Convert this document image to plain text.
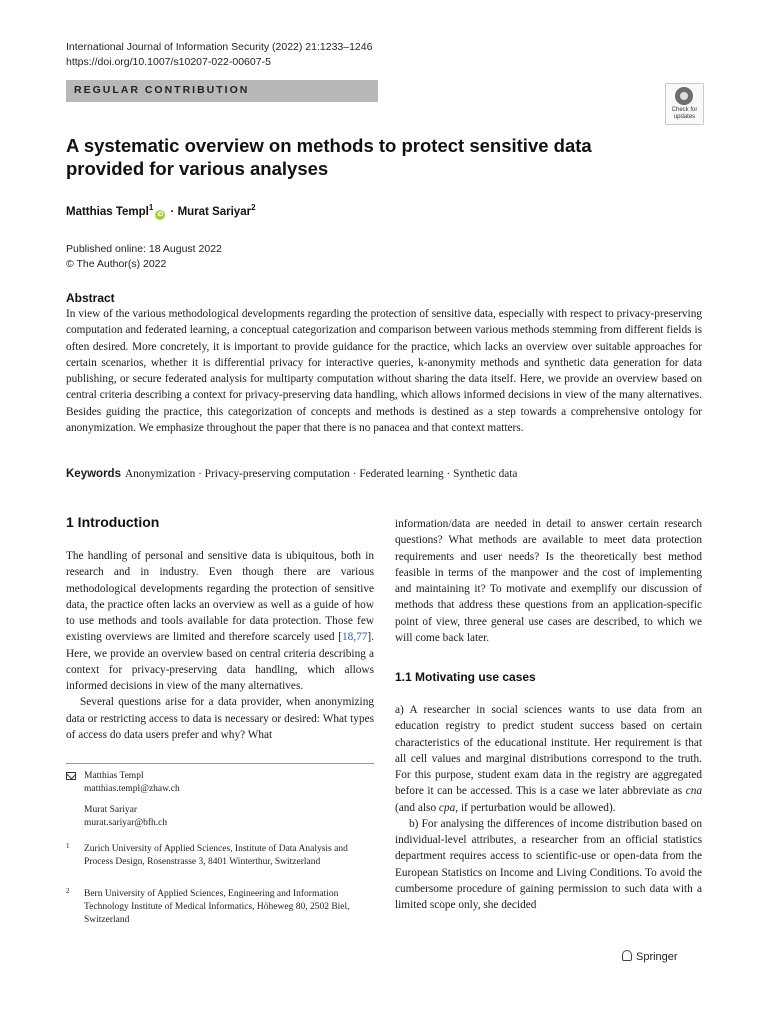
International Journal of Information Security (2022) 21:1233–1246
https://doi.org/10.1007/s10207-022-00607-5
REGULAR CONTRIBUTION
Check for updates
A systematic overview on methods to protect sensitive data provided for various analyses
Matthias Templ$^1$iD · Murat Sariyar$^2$
Published online: 18 August 2022
© The Author(s) 2022
Abstract
In view of the various methodological developments regarding the protection of sensitive data, especially with respect to privacy-preserving computation and federated learning, a conceptual categorization and comparison between various methods stemming from different fields is often desired. More concretely, it is important to provide guidance for the practice, which lacks an overview over suitable approaches for certain scenarios, whether it is differential privacy for interactive queries, k-anonymity methods and synthetic data generation for data publishing, or secure federated analysis for multiparty computation without sharing the data itself. Here, we provide an overview based on central criteria describing a context for privacy-preserving data handling, which allows informed decisions in view of the many alternatives. Besides guiding the practice, this categorization of concepts and methods is destined as a step towards a comprehensive ontology for anonymization. We emphasize throughout the paper that there is no panacea and that context matters.
Keywords Anonymization · Privacy-preserving computation · Federated learning · Synthetic data
1 Introduction

The handling of personal and sensitive data is ubiquitous, both in research and in industry. Even though there are various methodological developments regarding the protection of sensitive data, the practice often lacks an overview as well as a guide of how to use methods and tools available for data protection. Those few existing overviews are limited and therefore scarcely used [18,77]. Here, we provide an overview based on central criteria describing a context for privacy-preserving data handling, which allows informed decisions in view of the many alternatives.

Several questions arise for a data provider, when anonymizing data or restricting access to data is necessary or desired: What types of access do data users prefer and why? What

Matthias Templ
matthias.templ@zhaw.ch
Murat Sariyar
murat.sariyar@bfh.ch
1 Zurich University of Applied Sciences, Institute of Data Analysis and Process Design, Rosenstrasse 3, 8401 Winterthur, Switzerland
2 Bern University of Applied Sciences, Engineering and Information Technology Institute of Medical Informatics, Höheweg 80, 2502 Biel, Switzerland

information/data are needed in detail to answer certain research questions? What methods are available to meet data protection requirements and user needs? Is the theoretically best method feasible in terms of the manpower and the cost of implementing and maintaining it? To motivate and exemplify our discussion of methods that address these questions from an application-specific point of view, three general use cases are described, to which we will come back later.

1.1 Motivating use cases

a) A researcher in social sciences wants to use data from an education registry to predict student success based on certain characteristics of the educational institute. Her requirement is that all cell values and marginal distributions correspond to the truth. For this purpose, student exam data in the registry are aggregated before it can be accessed. This is a case we later abbreviate as cna (and also cpa, if perturbation would be allowed).

b) For analysing the differences of income distribution based on individual-level attributes, a researcher from an official statistics department requires access to scientific-use or open-data from the European Statistics on Income and Living Conditions. To avoid the cumbersome procedure of gaining permission to such data with a limited scope only, she decided

Springer
